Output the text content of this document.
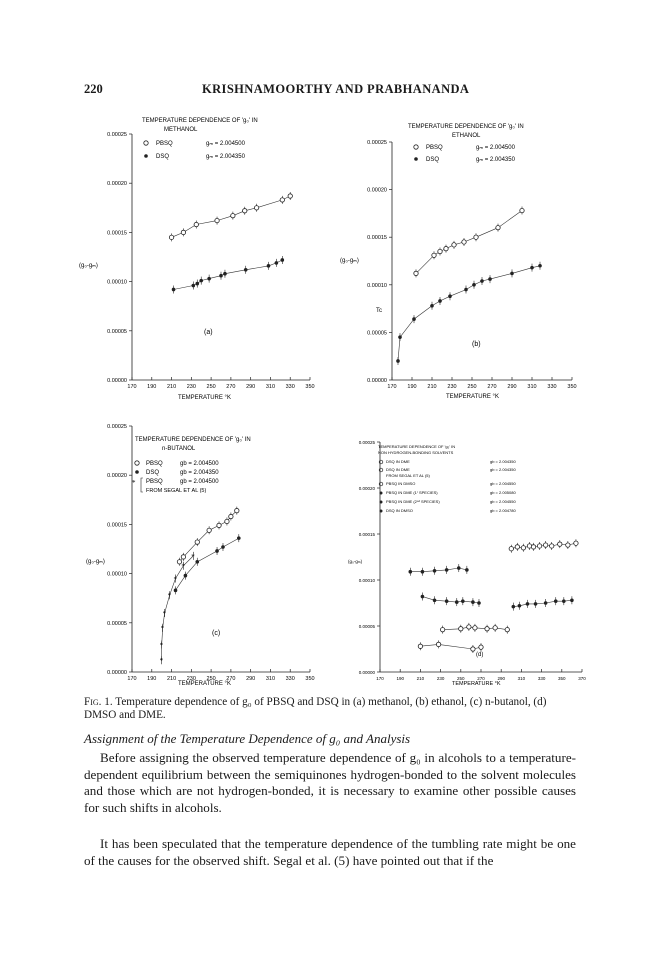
220	KRISHNAMOORTHY AND PRABHANANDA
TEMPERATURE DEPENDENCE OF 'g₀' IN
METHANOL
PBSQ	gₘ = 2.004500
DSQ	gₘ = 2.004350
(a)
(g₀-gₘ)
TEMPERATURE °K
0.00025
0.00020
0.00015
0.00010
0.00005
0.00000
170 190 210 230 250 270 290 310 330 350
TEMPERATURE DEPENDENCE OF 'g₀' IN
ETHANOL
PBSQ	gₘ = 2.004500
DSQ	gₘ = 2.004350
(b)
Tc
(g₀-gₘ)
TEMPERATURE °K
0.00025
0.00020
0.00015
0.00010
0.00005
0.00000
170 190 210 230 250 270 290 310 330 350
TEMPERATURE DEPENDENCE OF 'g₀' IN
n-BUTANOL
PBSQ	gb = 2.004500
DSQ	gb = 2.004350
PBSQ	gb = 2.004500
FROM SEGAL ET AL (5)
*
(c)
(g₀-gₘ)
TEMPERATURE °K
0.00025
0.00020
0.00015
0.00010
0.00005
0.00000
170 190 210 230 250 270 290 310 330 350
*
*
*
*
*
*
*
*
TEMPERATURE DEPENDENCE OF 'g₀' IN
NON HYDROGEN-BONDING SOLVENTS
DSQ IN DME	gb = 2.004350
DSQ IN DME	gb = 2.004350
FROM SEGAL ET AL (5)
PBSQ IN DMSO	gb = 2.004550
PBSQ IN DME (1ʳ SPECIES)	gb = 2.005080
PBSQ IN DME (2ⁿᵈ SPECIES)	gb = 2.004550
DSQ IN DMSO	gb = 2.004780
(d)
(g₀-gₘ)
TEMPERATURE °K
0.00025
0.00020
0.00015
0.00010
0.00005
0.00000
170	190	210	230	250	270	290	310	330	350	370
Fig. 1. Temperature dependence of g₀ of PBSQ and DSQ in (a) methanol, (b) ethanol, (c) n-butanol, (d) DMSO and DME.
Assignment of the Temperature Dependence of g₀ and Analysis
Before assigning the observed temperature dependence of g₀ in alcohols to a temperature-dependent equilibrium between the semiquinones hydrogen-bonded to the solvent molecules and those which are not hydrogen-bonded, it is necessary to examine other possible causes for such shifts in alcohols.
It has been speculated that the temperature dependence of the tumbling rate might be one of the causes for the observed shift. Segal et al. (5) have pointed out that if the
